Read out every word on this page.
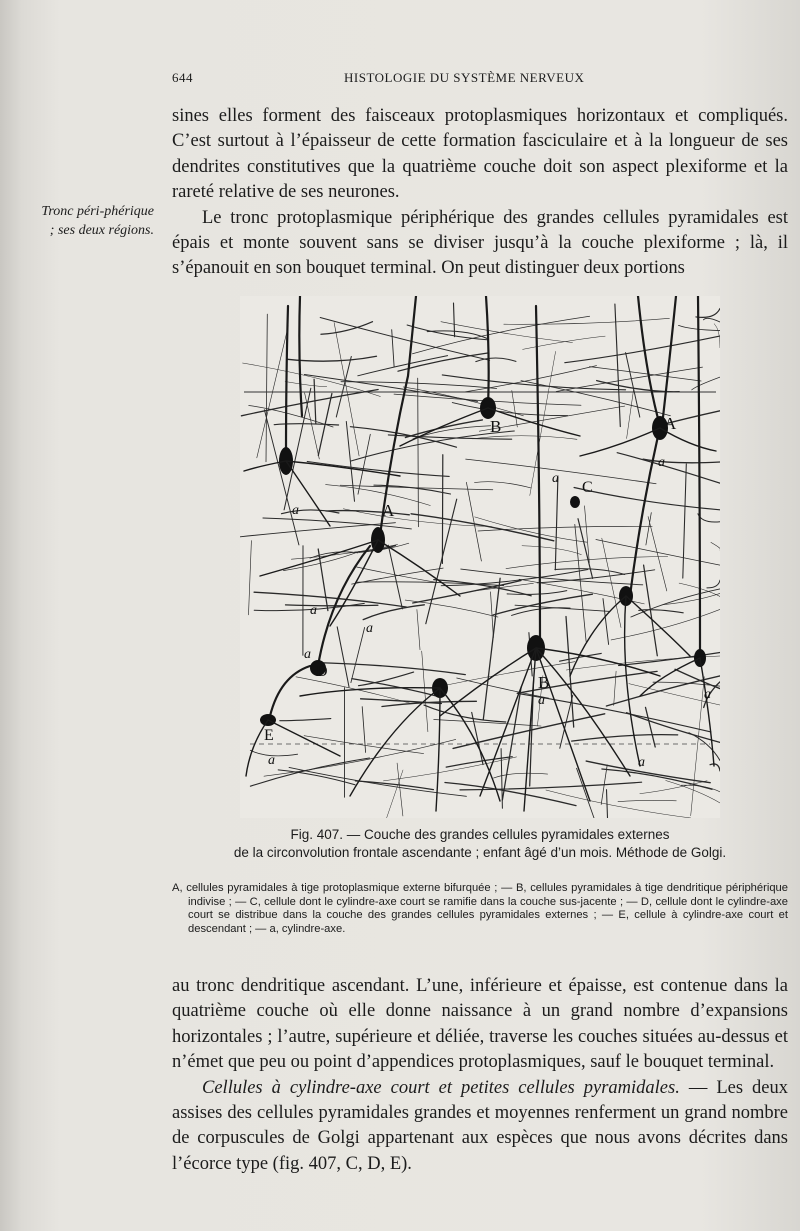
644	HISTOLOGIE DU SYSTÈME NERVEUX

sines elles forment des faisceaux protoplasmiques horizontaux et compliqués. C’est surtout à l’épaisseur de cette formation fasciculaire et à la longueur de ses dendrites constitutives que la quatrième couche doit son aspect plexiforme et la rareté relative de ses neurones.

Le tronc protoplasmique périphérique des grandes cellules pyramidales est épais et monte souvent sans se diviser jusqu’à la couche plexiforme ; là, il s’épanouit en son bouquet terminal. On peut distinguer deux portions

Tronc péri-phérique ; ses deux régions.
A
A
B
B
C
D
E
a
a
a
a
a
a
a	a
a	a
Fig. 407. — Couche des grandes cellules pyramidales externes
de la circonvolution frontale ascendante ; enfant âgé d’un mois. Méthode de Golgi.

A, cellules pyramidales à tige protoplasmique externe bifurquée ; — B, cellules pyramidales à tige dendritique périphérique indivise ; — C, cellule dont le cylindre-axe court se ramifie dans la couche sus-jacente ; — D, cellule dont le cylindre-axe court se distribue dans la couche des grandes cellules pyramidales externes ; — E, cellule à cylindre-axe court et descendant ; — a, cylindre-axe.

au tronc dendritique ascendant. L’une, inférieure et épaisse, est contenue dans la quatrième couche où elle donne naissance à un grand nombre d’expansions horizontales ; l’autre, supérieure et déliée, traverse les couches situées au-dessus et n’émet que peu ou point d’appendices protoplasmiques, sauf le bouquet terminal.

Cellules à cylindre-axe court et petites cellules pyramidales. — Les deux assises des cellules pyramidales grandes et moyennes renferment un grand nombre de corpuscules de Golgi appartenant aux espèces que nous avons décrites dans l’écorce type (fig. 407, C, D, E).
